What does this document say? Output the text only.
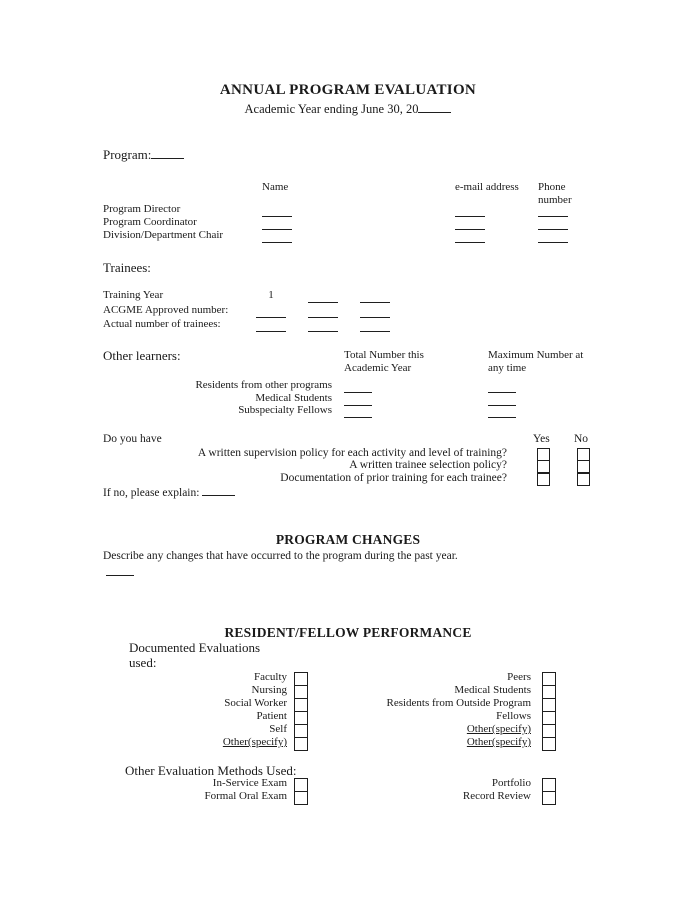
ANNUAL PROGRAM EVALUATION
Academic Year ending June 30, 20
Program:
Name	e-mail address Phone
number
Program Director
Program Coordinator
Division/Department Chair
Trainees:
Training Year	1
ACGME Approved number:
Actual number of trainees:
Other learners:	Total Number this
Academic Year
Maximum Number at
any time
Residents from other programs
Medical Students
Subspecialty Fellows
Do you have	Yes No
A written supervision policy for each activity and level of training?
A written trainee selection policy?
Documentation of prior training for each trainee?
If no, please explain:
PROGRAM CHANGES
Describe any changes that have occurred to the program during the past year.
RESIDENT/FELLOW PERFORMANCE
Documented Evaluations
used:
Faculty
Nursing
Social Worker
Patient
Self
Other(specify)
Peers
Medical Students
Residents from Outside Program
Fellows
Other(specify)
Other(specify)
Other Evaluation Methods Used:
In-Service Exam
Formal Oral Exam
Portfolio
Record Review
